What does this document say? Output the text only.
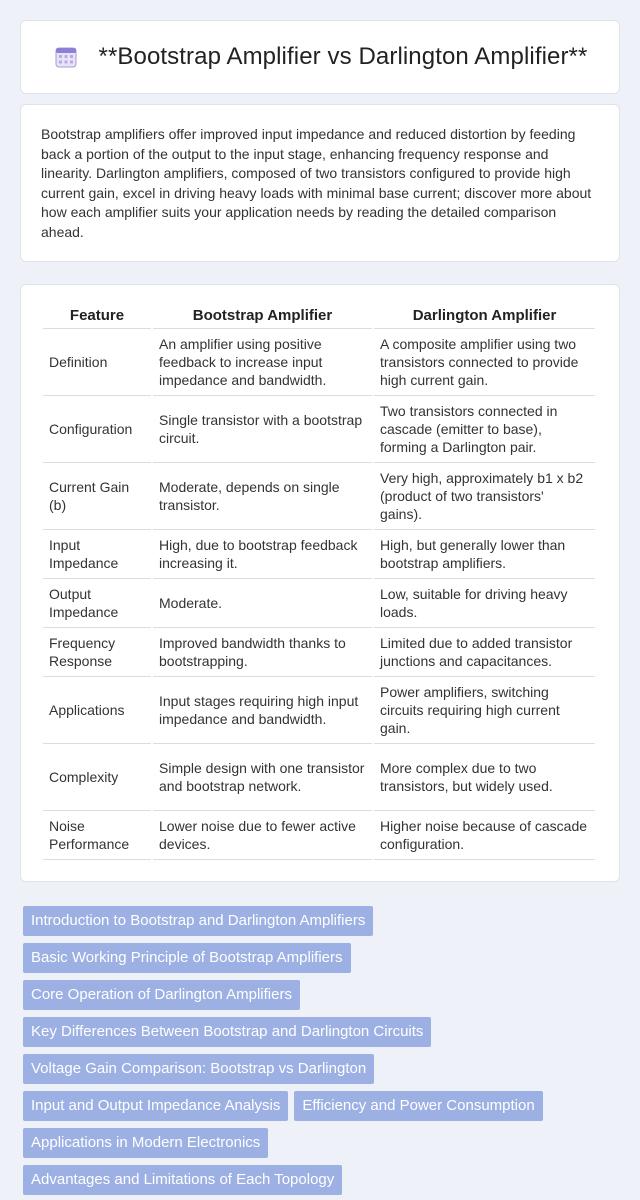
**Bootstrap Amplifier vs Darlington Amplifier**

Bootstrap amplifiers offer improved input impedance and reduced distortion by feeding back a portion of the output to the input stage, enhancing frequency response and linearity. Darlington amplifiers, composed of two transistors configured to provide high current gain, excel in driving heavy loads with minimal base current; discover more about how each amplifier suits your application needs by reading the detailed comparison ahead.

Feature	Bootstrap Amplifier	Darlington Amplifier
Definition	An amplifier using positive feedback to increase input impedance and bandwidth.	A composite amplifier using two transistors connected to provide high current gain.
Configuration	Single transistor with a bootstrap circuit.	Two transistors connected in cascade (emitter to base), forming a Darlington pair.
Current Gain (b)	Moderate, depends on single transistor.	Very high, approximately b1 x b2 (product of two transistors' gains).
Input Impedance	High, due to bootstrap feedback increasing it.	High, but generally lower than bootstrap amplifiers.
Output Impedance	Moderate.	Low, suitable for driving heavy loads.
Frequency Response	Improved bandwidth thanks to bootstrapping.	Limited due to added transistor junctions and capacitances.
Applications	Input stages requiring high input impedance and bandwidth.	Power amplifiers, switching circuits requiring high current gain.
Complexity	Simple design with one transistor and bootstrap network.	More complex due to two transistors, but widely used.
Noise Performance	Lower noise due to fewer active devices.	Higher noise because of cascade configuration.
Introduction to Bootstrap and Darlington Amplifiers
Basic Working Principle of Bootstrap Amplifiers
Core Operation of Darlington Amplifiers
Key Differences Between Bootstrap and Darlington Circuits
Voltage Gain Comparison: Bootstrap vs Darlington
Input and Output Impedance Analysis Efficiency and Power Consumption
Applications in Modern Electronics
Advantages and Limitations of Each Topology
